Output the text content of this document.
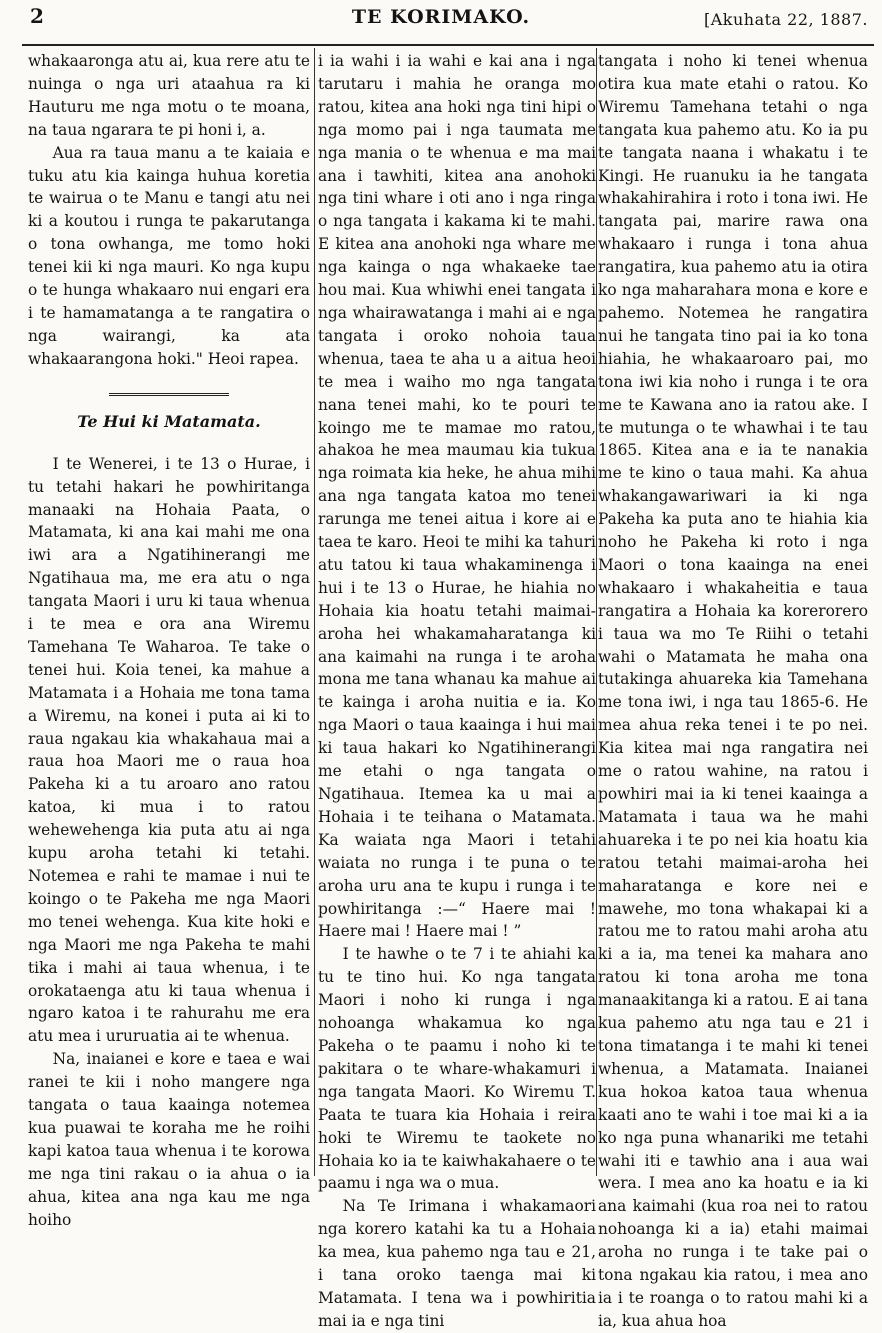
2	TE KORIMAKO.	[Akuhata 22, 1887.

whakaaronga atu ai, kua rere atu te nuinga o nga uri ataahua ra ki Hauturu me nga motu o te moana, na taua ngarara te pi honi i, a.

Aua ra taua manu a te kaiaia e tuku atu kia kainga huhua koretia te wairua o te Manu e tangi atu nei ki a koutou i runga te pakarutanga o tona owhanga, me tomo hoki tenei kii ki nga mauri. Ko nga kupu o te hunga whakaaro nui engari era i te hamamatanga a te rangatira o nga wairangi, ka ata whakaarangona hoki." Heoi rapea.

Te Hui ki Matamata.

I te Wenerei, i te 13 o Hurae, i tu tetahi hakari he powhiritanga manaaki na Hohaia Paata, o Matamata, ki ana kai mahi me ona iwi ara a Ngatihinerangi me Ngatihaua ma, me era atu o nga tangata Maori i uru ki taua whenua i te mea e ora ana Wiremu Tamehana Te Waharoa. Te take o tenei hui. Koia tenei, ka mahue a Matamata i a Hohaia me tona tama a Wiremu, na konei i puta ai ki to raua ngakau kia whakahaua mai a raua hoa Maori me o raua hoa Pakeha ki a tu aroaro ano ratou katoa, ki mua i to ratou wehewehenga kia puta atu ai nga kupu aroha tetahi ki tetahi. Notemea e rahi te mamae i nui te koingo o te Pakeha me nga Maori mo tenei wehenga. Kua kite hoki e nga Maori me nga Pakeha te mahi tika i mahi ai taua whenua, i te orokataenga atu ki taua whenua i ngaro katoa i te rahurahu me era atu mea i ururuatia ai te whenua.

Na, inaianei e kore e taea e wai ranei te kii i noho mangere nga tangata o taua kaainga notemea kua puawai te koraha me he roihi kapi katoa taua whenua i te korowa me nga tini rakau o ia ahua o ia ahua, kitea ana nga kau me nga hoiho

i ia wahi i ia wahi e kai ana i nga tarutaru i mahia he oranga mo ratou, kitea ana hoki nga tini hipi o nga momo pai i nga taumata me nga mania o te whenua e ma mai ana i tawhiti, kitea ana anohoki nga tini whare i oti ano i nga ringa o nga tangata i kakama ki te mahi. E kitea ana anohoki nga whare me nga kainga o nga whakaeke tae hou mai. Kua whiwhi enei tangata i nga whairawatanga i mahi ai e nga tangata i oroko nohoia taua whenua, taea te aha u a aitua heoi te mea i waiho mo nga tangata nana tenei mahi, ko te pouri te koingo me te mamae mo ratou, ahakoa he mea maumau kia tukua nga roimata kia heke, he ahua mihi ana nga tangata katoa mo tenei rarunga me tenei aitua i kore ai e taea te karo. Heoi te mihi ka tahuri atu tatou ki taua whakaminenga i hui i te 13 o Hurae, he hiahia no Hohaia kia hoatu tetahi maimai-aroha hei whakamaharatanga ki ana kaimahi na runga i te aroha mona me tana whanau ka mahue ai te kainga i aroha nuitia e ia. Ko nga Maori o taua kaainga i hui mai ki taua hakari ko Ngatihinerangi me etahi o nga tangata o Ngatihaua. Itemea ka u mai a Hohaia i te teihana o Matamata. Ka waiata nga Maori i tetahi waiata no runga i te puna o te aroha uru ana te kupu i runga i te powhiritanga :—“ Haere mai ! Haere mai ! Haere mai ! ”

I te hawhe o te 7 i te ahiahi ka tu te tino hui. Ko nga tangata Maori i noho ki runga i nga nohoanga whakamua ko nga Pakeha o te paamu i noho ki te pakitara o te whare-whakamuri i nga tangata Maori. Ko Wiremu T. Paata te tuara kia Hohaia i reira hoki te Wiremu te taokete no Hohaia ko ia te kaiwhakahaere o te paamu i nga wa o mua.

Na Te Irimana i whakamaori nga korero katahi ka tu a Hohaia ka mea, kua pahemo nga tau e 21, i tana oroko taenga mai ki Matamata. I tena wa i powhiritia mai ia e nga tini

tangata i noho ki tenei whenua otira kua mate etahi o ratou. Ko Wiremu Tamehana tetahi o nga tangata kua pahemo atu. Ko ia pu te tangata naana i whakatu i te Kingi. He ruanuku ia he tangata whakahirahira i roto i tona iwi. He tangata pai, marire rawa ona whakaaro i runga i tona ahua rangatira, kua pahemo atu ia otira ko nga maharahara mona e kore e pahemo. Notemea he rangatira nui he tangata tino pai ia ko tona hiahia, he whakaaroaro pai, mo tona iwi kia noho i runga i te ora me te Kawana ano ia ratou ake. I te mutunga o te whawhai i te tau 1865. Kitea ana e ia te nanakia me te kino o taua mahi. Ka ahua whakangawariwari ia ki nga Pakeha ka puta ano te hiahia kia noho he Pakeha ki roto i nga Maori o tona kaainga na enei whakaaro i whakaheitia e taua rangatira a Hohaia ka korerorero i taua wa mo Te Riihi o tetahi wahi o Matamata he maha ona tutakinga ahuareka kia Tamehana me tona iwi, i nga tau 1865-6. He mea ahua reka tenei i te po nei. Kia kitea mai nga rangatira nei me o ratou wahine, na ratou i powhiri mai ia ki tenei kaainga a Matamata i taua wa he mahi ahuareka i te po nei kia hoatu kia ratou tetahi maimai-aroha hei maharatanga e kore nei e mawehe, mo tona whakapai ki a ratou me to ratou mahi aroha atu ki a ia, ma tenei ka mahara ano ratou ki tona aroha me tona manaakitanga ki a ratou. E ai tana kua pahemo atu nga tau e 21 i tona timatanga i te mahi ki tenei whenua, a Matamata. Inaianei kua hokoa katoa taua whenua kaati ano te wahi i toe mai ki a ia ko nga puna whanariki me tetahi wahi iti e tawhio ana i aua wai wera. I mea ano ka hoatu e ia ki ana kaimahi (kua roa nei to ratou nohoanga ki a ia) etahi maimai aroha no runga i te take pai o tona ngakau kia ratou, i mea ano ia i te roanga o to ratou mahi ki a ia, kua ahua hoa
